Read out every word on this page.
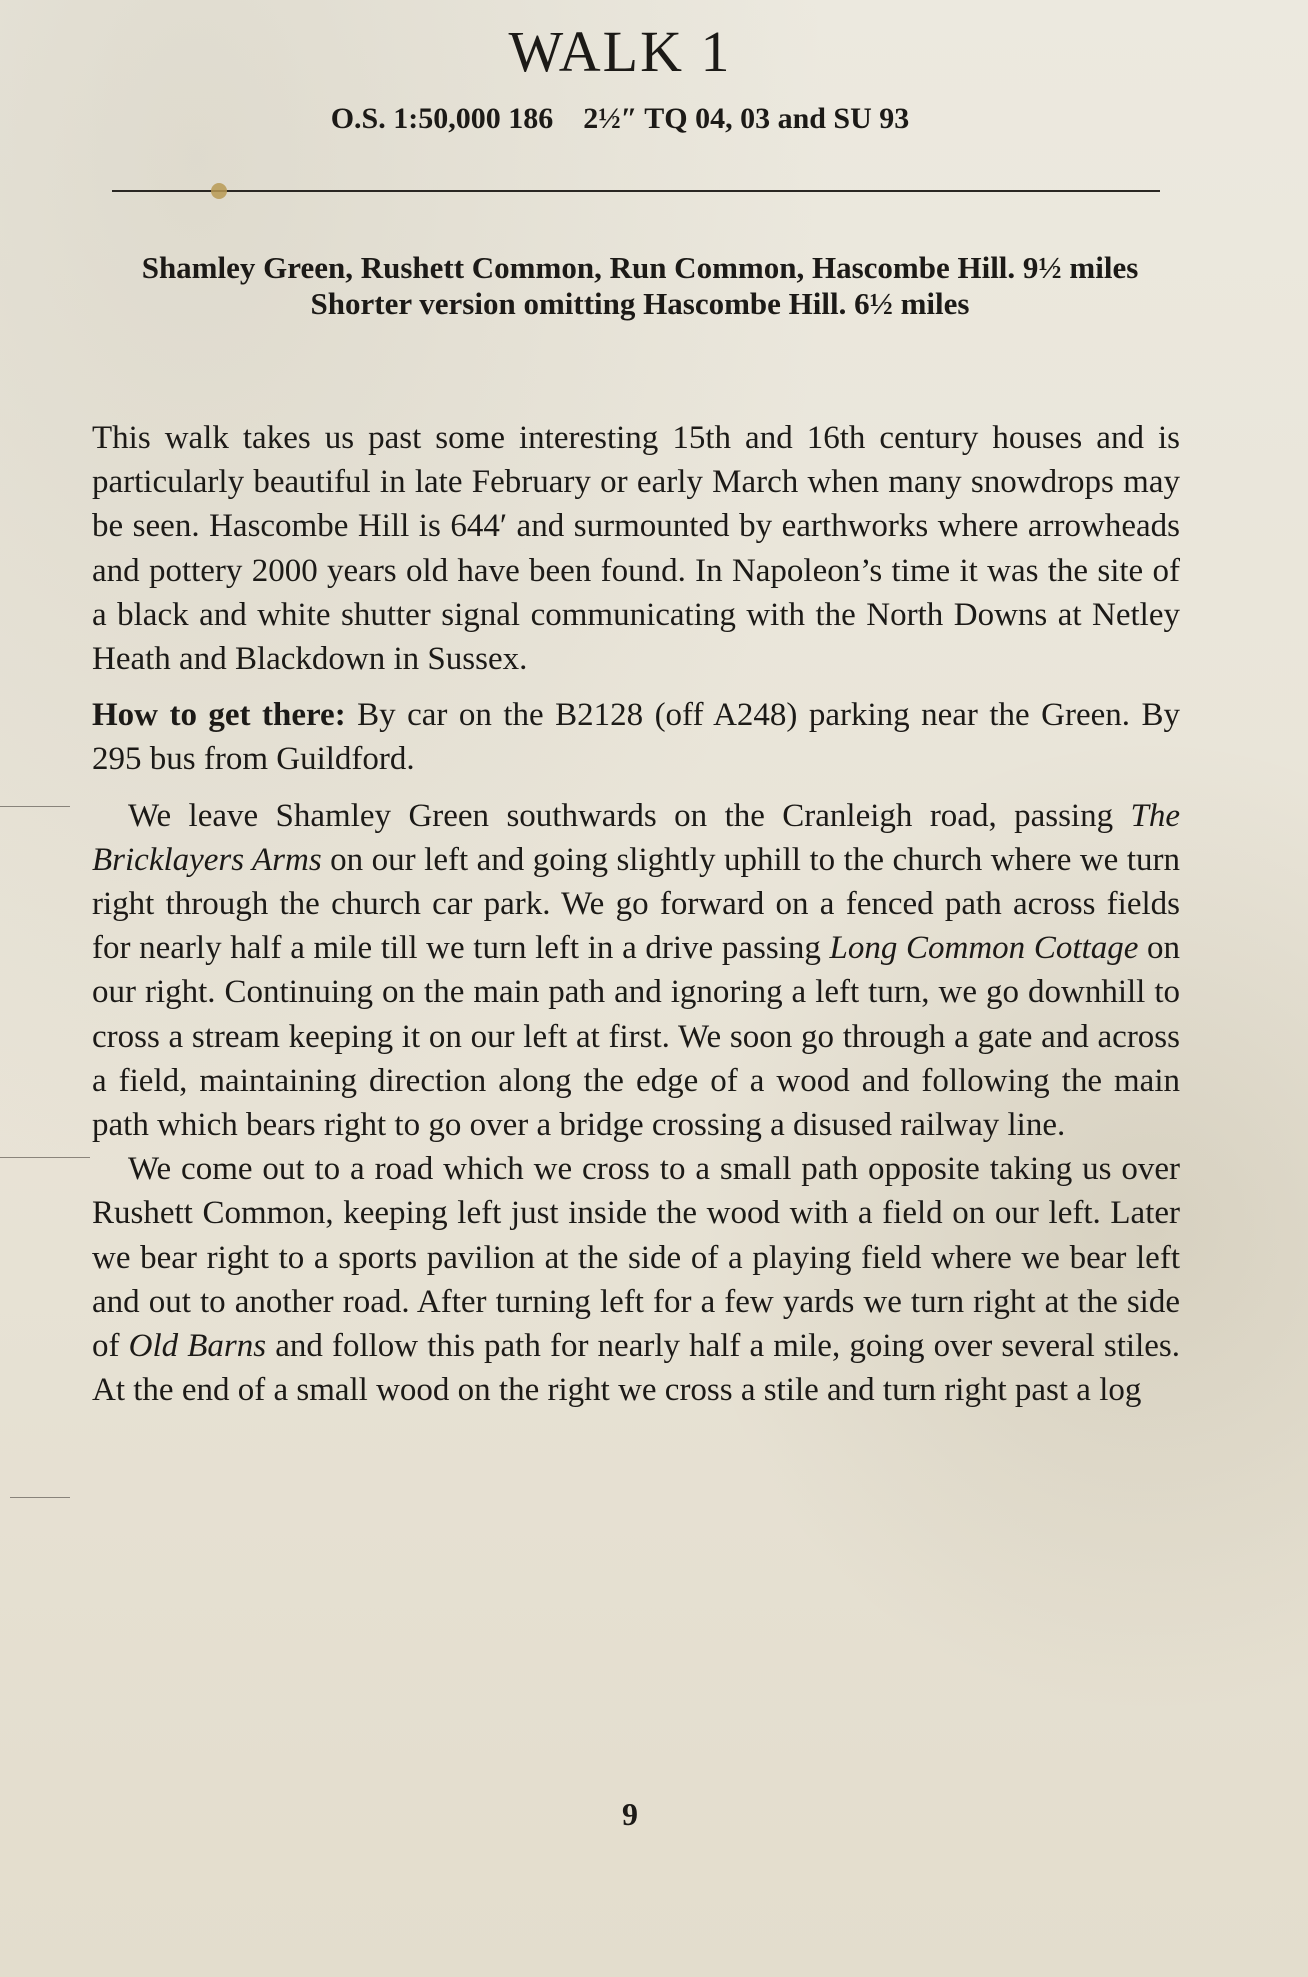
WALK 1
O.S. 1:50,000 186    2½″ TQ 04, 03 and SU 93
Shamley Green, Rushett Common, Run Common, Hascombe Hill. 9½ miles
Shorter version omitting Hascombe Hill. 6½ miles

This walk takes us past some interesting 15th and 16th century houses and is particularly beautiful in late February or early March when many snowdrops may be seen. Hascombe Hill is 644′ and surmounted by earthworks where arrowheads and pottery 2000 years old have been found. In Napoleon’s time it was the site of a black and white shutter signal communicating with the North Downs at Netley Heath and Blackdown in Sussex.

How to get there: By car on the B2128 (off A248) parking near the Green. By 295 bus from Guildford.

We leave Shamley Green southwards on the Cranleigh road, passing The Bricklayers Arms on our left and going slightly uphill to the church where we turn right through the church car park. We go forward on a fenced path across fields for nearly half a mile till we turn left in a drive passing Long Common Cottage on our right. Continuing on the main path and ignoring a left turn, we go downhill to cross a stream keeping it on our left at first. We soon go through a gate and across a field, maintaining direction along the edge of a wood and following the main path which bears right to go over a bridge crossing a disused railway line.

We come out to a road which we cross to a small path opposite taking us over Rushett Common, keeping left just inside the wood with a field on our left. Later we bear right to a sports pavilion at the side of a playing field where we bear left and out to another road. After turning left for a few yards we turn right at the side of Old Barns and follow this path for nearly half a mile, going over several stiles. At the end of a small wood on the right we cross a stile and turn right past a log

9
